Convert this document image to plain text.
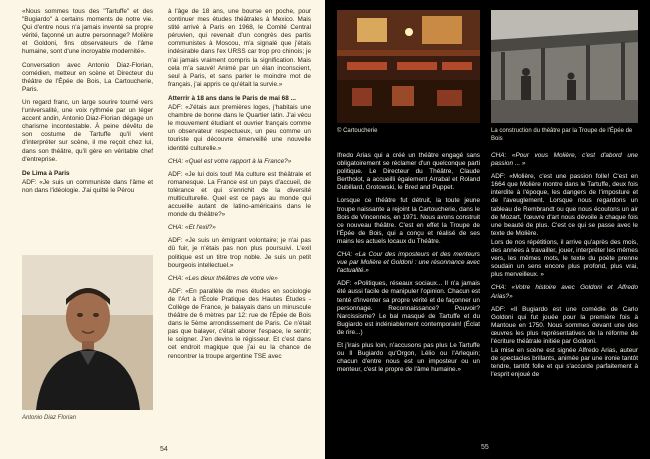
«Nous sommes tous des "Tartuffe" et des "Bugiardo" à certains moments de notre vie. Qui d'entre nous n'a jamais inventé sa propre vérité, façonné un autre personnage? Molière et Goldoni, fins observateurs de l'âme humaine, sont d'une incroyable modernité».

Conversation avec Antonio Diaz-Florian, comédien, metteur en scène et Directeur du théâtre de l'Épée de Bois, La Cartoucherie, Paris.

Un regard franc, un large sourire tourné vers l'universalité, une voix rythmée par un léger accent andin, Antonio Diaz-Florian dégage un charisme incontestable. À peine dévêtu de son costume de Tartuffe qu'il vient d'interpréter sur scène, il me reçoit chez lui, dans son théâtre, qu'il gère en véritable chef d'entreprise.

De Lima à Paris

ADF: «Je suis un communiste dans l'âme et non dans l'idéologie. J'ai quitté le Pérou

Antonio Diaz Florian

à l'âge de 18 ans, une bourse en poche, pour continuer mes études théâtrales à Mexico. Mais stité arrivé à Paris en 1968, le Comité Central péruvien, qui revenait d'un congrès des partis communistes à Moscou, m'a signalé que j'étais indésirable dans l'ex URSS car trop pro chinois; je n'ai jamais vraiment compris la signification. Mais cela m'a sauvé! Animé par un élan inconscient, seul à Paris, et sans parler le moindre mot de français, j'ai appris ce qu'était la survie.»

Atterrir à 18 ans dans le Paris de mai 68 ...

ADF: «J'étais aux premières loges, j'habitais une chambre de bonne dans le Quartier latin. J'ai vécu le mouvement étudiant et ouvrier français comme un observateur respectueux, un peu comme un touriste qui découvre émerveillé une nouvelle identité culturelle.»

CHA: «Quel est votre rapport à la France?»

ADF: «Je lui dois tout! Ma culture est théâtrale et romanesque. La France est un pays d'accueil, de tolérance et qui s'enrichit de la diversité multiculturelle. Quel est ce pays au monde qui accueille autant de latino-américains dans le monde du théâtre?»

CHA: «Et l'exil?»

ADF: «Je suis un émigrant volontaire; je n'ai pas dû fuir, je n'étais pas non plus poursuivi. L'exil politique est un titre trop noble. Je suis un petit bourgeois intellectuel.»

CHA: «Les deux théâtres de votre vie»

ADF: «En parallèle de mes études en sociologie de l'Art à l'École Pratique des Hautes Études - Collège de France, je balayais dans un minuscule théâtre de 6 mètres par 12: rue de l'Épée de Bois dans le 5ème arrondissement de Paris. Ce n'était pas que balayer, c'était aborer l'espace, le sentir; le soigner. J'en devins le régisseur. Et c'est dans cet endroit magique que j'ai eu la chance de rencontrer la troupe argentine TSE avec

54
© Cartoucherie	La construction du théâtre par la Troupe de l'Épée de Bois

Ifredo Arias qui a créé un théâtre engagé sans obligatoirement se réclamer d'un quelconque parti politique. Le Directeur du Théâtre, Claude Bertholot, a accueilli également Arrabal et Roland Dubillard, Grotowski, le Bred and Puppet.

Lorsque ce théâtre fut détruit, la toute jeune troupe naissante a rejoint la Cartoucherie, dans le Bois de Vincennes, en 1971. Nous avons construit ce nouveau théâtre. C'est en effet la Troupe de l'Épée de Bois, qui a conçu et réalisé de ses mains les actuels locaux du Théâtre.

CHA: «La Cour des imposteurs et des menteurs vue par Molière et Goldoni : une résonnance avec l'actualité.»

ADF: «Politiques, réseaux sociaux... Il n'a jamais été aussi facile de manipuler l'opinion. Chacun est tenté d'inventer sa propre vérité et de façonner un personnage. Reconnaissance? Pouvoir? Narcissisme? Le bal masqué de Tartuffe et du Bugiardo est indéniablement contemporain! (Éclat de rire...)

Et j'irais plus loin, n'accusons pas plus Le Tartuffe ou Il Bugiardo qu'Orgon, Lélio ou l'Arlequin; chacun d'entre nous est un imposteur ou un menteur, c'est le propre de l'âme humaine.»

CHA: «Pour vous Molière, c'est d'abord une passion ... »

ADF: «Molière, c'est une passion folle! C'est en 1664 que Molière montre dans le Tartuffe, deux fois interdite à l'époque, les dangers de l'imposture et de l'aveuglement. Lorsque nous regardons un tableau de Rembrandt ou que nous écoutons un air de Mozart, l'œuvre d'art nous dévoile à chaque fois une beauté de plus. C'est ce qui se passe avec le texte de Molière.

Lors de nos répétitions, il arrive qu'après des mois, des années à travailler, jouer, interpréter les mêmes vers, les mêmes mots, le texte du poète prenne soudain un sens encore plus profond, plus vrai, plus merveilleux. »

CHA: «Votre histoire avec Goldoni et Alfredo Arias?»

ADF: «Il Bugiardo est une comédie de Carlo Goldoni qui fut jouée pour la première fois à Mantoue en 1750. Nous sommes devant une des œuvres les plus représentatives de la réforme de l'écriture théâtrale initiée par Goldoni.

La mise en scène est signée Alfredo Arias, auteur de spectacles brillants, animée par une ironie tantôt tendre, tantôt folle et qui s'accorde parfaitement à l'esprit enjoué de

55
